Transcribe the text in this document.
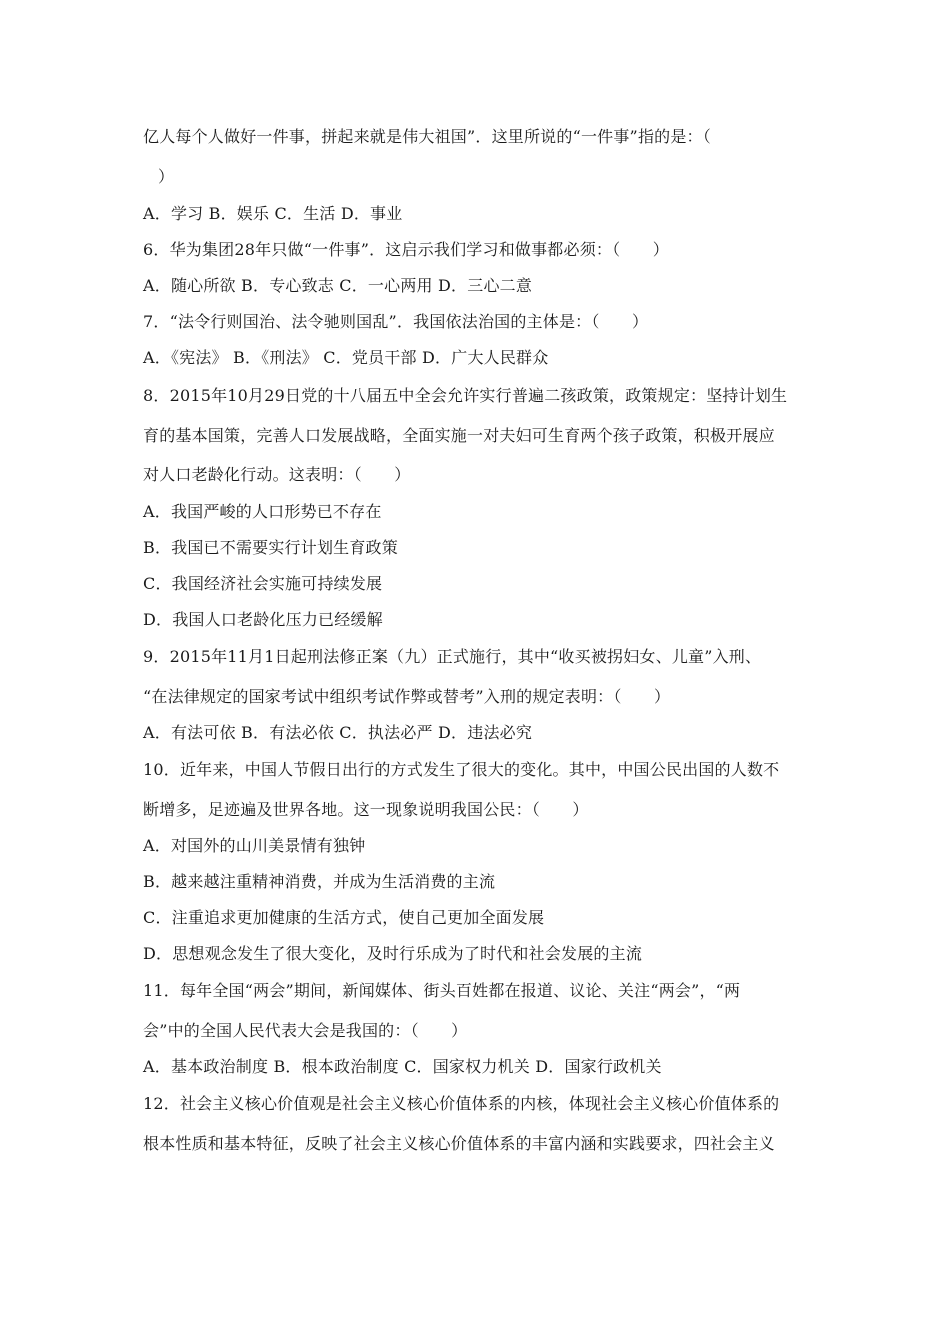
亿人每个人做好一件事，拼起来就是伟大祖国”．这里所说的“一件事”指的是：（
）
A．学习 B．娱乐 C．生活 D．事业
6．华为集团28年只做“一件事”．这启示我们学习和做事都必须：（　　）
A．随心所欲 B．专心致志 C．一心两用 D．三心二意
7．“法令行则国治、法令驰则国乱”．我国依法治国的主体是：（　　）
A．《宪法》 B．《刑法》 C．党员干部 D．广大人民群众
8．2015年10月29日党的十八届五中全会允许实行普遍二孩政策，政策规定：坚持计划生
育的基本国策，完善人口发展战略，全面实施一对夫妇可生育两个孩子政策，积极开展应
对人口老龄化行动。这表明：（　　）
A．我国严峻的人口形势已不存在
B．我国已不需要实行计划生育政策
C．我国经济社会实施可持续发展
D．我国人口老龄化压力已经缓解
9．2015年11月1日起刑法修正案（九）正式施行，其中“收买被拐妇女、儿童”入刑、
“在法律规定的国家考试中组织考试作弊或替考”入刑的规定表明：（　　）
A．有法可依 B．有法必依 C．执法必严 D．违法必究
10．近年来，中国人节假日出行的方式发生了很大的变化。其中，中国公民出国的人数不
断增多，足迹遍及世界各地。这一现象说明我国公民：（　　）
A．对国外的山川美景情有独钟
B．越来越注重精神消费，并成为生活消费的主流
C．注重追求更加健康的生活方式，使自己更加全面发展
D．思想观念发生了很大变化，及时行乐成为了时代和社会发展的主流
11．每年全国“两会”期间，新闻媒体、街头百姓都在报道、议论、关注“两会”，“两
会”中的全国人民代表大会是我国的：（　　）
A．基本政治制度 B．根本政治制度 C．国家权力机关 D．国家行政机关
12．社会主义核心价值观是社会主义核心价值体系的内核，体现社会主义核心价值体系的
根本性质和基本特征，反映了社会主义核心价值体系的丰富内涵和实践要求，四社会主义
